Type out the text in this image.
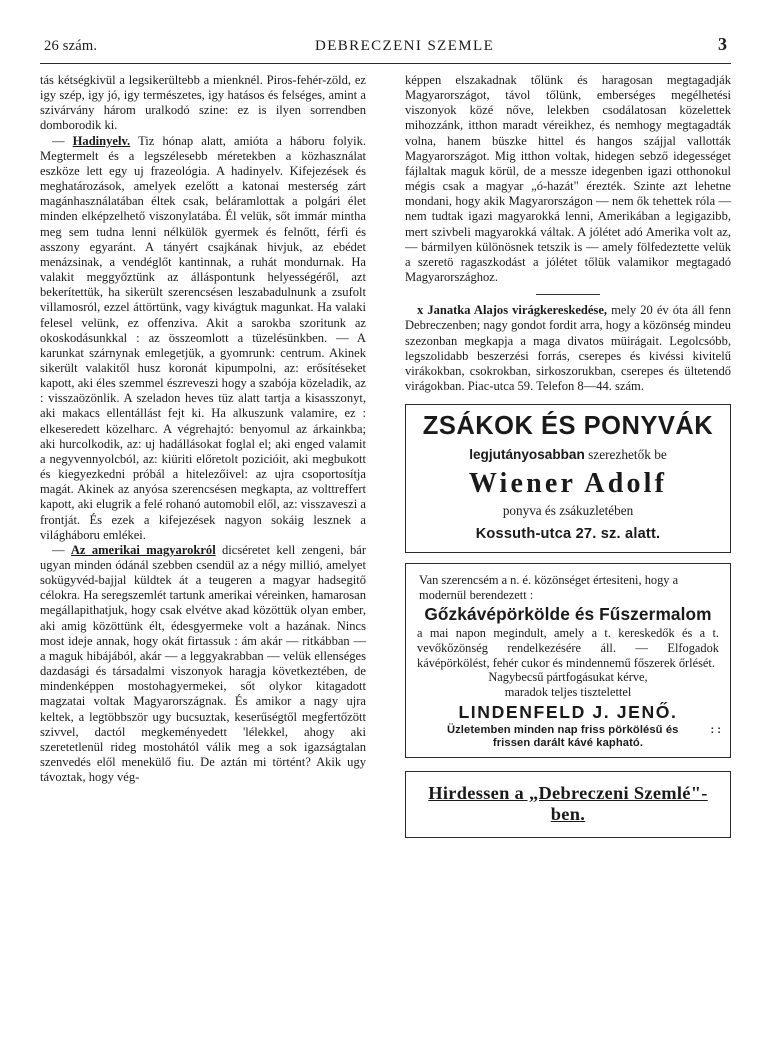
26 szám.	DEBRECZENI SZEMLE	3

tás kétségkivül a legsikerültebb a mienknél. Piros-fehér-zöld, ez igy szép, igy jó, igy természetes, igy hatásos és felséges, amint a szivárvány három uralkodó szine: ez is ilyen sorrendben domborodik ki.

— Hadinyelv. Tiz hónap alatt, amióta a háboru folyik. Megtermelt és a legszélesebb méretekben a közhasználat eszköze lett egy uj frazeológia. A hadinyelv. Kifejezések és meghatározások, amelyek ezelőtt a katonai mesterség zárt magánhasználatában éltek csak, beláramlottak a polgári élet minden elképzelhető viszonylatába. Él velük, sőt immár mintha meg sem tudna lenni nélkülök gyermek és felnőtt, férfi és asszony egyaránt. A tányért csajkának hivjuk, az ebédet menázsinak, a vendéglőt kantinnak, a ruhát mondurnak. Ha valakit meggyőztünk az álláspontunk helyességéről, azt bekerítettük, ha sikerült szerencsésen leszabadulnunk a zsufolt villamosról, ezzel áttörtünk, vagy kivágtuk magunkat. Ha valaki felesel velünk, ez offenziva. Akit a sarokba szoritunk az okoskodásunkkal : az összeomlott a tüzelésünkben. — A karunkat szárnynak emlegetjük, a gyomrunk: centrum. Akinek sikerült valakitől husz koronát kipumpolni, az: erősítéseket kapott, aki éles szemmel észreveszi hogy a szabója közeladik, az : visszaözönlik. A szeladon heves tüz alatt tartja a kisasszonyt, aki makacs ellentállást fejt ki. Ha alkuszunk valamire, ez : elkeseredett közelharc. A végrehajtó: benyomul az árkainkba; aki hurcolkodik, az: uj hadállásokat foglal el; aki enged valamit a negyvennyolcból, az: kiüriti előretolt pozicióit, aki megbukott és kiegyezkedni próbál a hitelezőivel: az ujra csoportosítja magát. Akinek az anyósa szerencsésen megkapta, az volttreffert kapott, aki elugrik a felé rohanó automobil elől, az: visszaveszi a frontját. És ezek a kifejezések nagyon sokáig lesznek a világháboru emlékei.

— Az amerikai magyarokról dicséretet kell zengeni, bár ugyan minden ódánál szebben csendül az a négy millió, amelyet sokügyvéd-bajjal küldtek át a teugeren a magyar hadsegitő célokra. Ha seregszemlét tartunk amerikai véreinken, hamarosan megállapithatjuk, hogy csak elvétve akad közöttük olyan ember, aki amig közöttünk élt, édesgyermeke volt a hazának. Nincs most ideje annak, hogy okát firtassuk : ám akár — ritkábban — a maguk hibájából, akár — a leggyakrabban — velük ellenséges dazdasági és társadalmi viszonyok haragja következtében, de mindenképpen mostohagyermekei, sőt olykor kitagadott magzatai voltak Magyarországnak. És amikor a nagy ujra keltek, a legtöbbször ugy bucsuztak, keserűségtől megfertőzött szivvel, dactól megkeményedett 'lélekkel, ahogy aki szeretetlenül rideg mostohától válik meg a sok igazságtalan szenvedés elől menekülő fiu. De aztán mi történt? Akik ugy távoztak, hogy vég-

képpen elszakadnak tőlünk és haragosan megtagadják Magyarországot, távol tőlünk, emberséges megélhetési viszonyok közé nőve, lelekben csodálatosan közelettek mihozzánk, itthon maradt véreikhez, és nemhogy megtagadták volna, hanem büszke hittel és hangos szájjal vallották Magyarországot. Mig itthon voltak, hidegen sebző idegességet fájlaltak maguk körül, de a messze idegenben igazi otthonokul mégis csak a magyar „ó-hazát" érezték. Szinte azt lehetne mondani, hogy akik Magyarországon — nem ők tehettek róla — nem tudtak igazi magyarokká lenni, Amerikában a legigazibb, mert szivbeli magyarokká váltak. A jólétet adó Amerika volt az, — bármilyen különösnek tetszik is — amely fölfedeztette velük a szeretö ragaszkodást a jólétet tőlük valamikor megtagadó Magyarországhoz.

x Janatka Alajos virágkereskedése, mely 20 év óta áll fenn Debreczenben; nagy gondot fordit arra, hogy a közönség mindeu szezonban megkapja a maga divatos müirágait. Legolcsóbb, legszolidabb beszerzési forrás, cserepes és kivéssi kivitelű virákokban, csokrokban, sirkoszorukban, cserepes és ültetendő virágokban. Piac-utca 59. Telefon 8—44. szám.

ZSÁKOK ÉS PONYVÁK
legjutányosabban szerezhetők be
Wiener Adolf
ponyva és zsákuzletében
Kossuth-utca 27. sz. alatt.
Van szerencsém a n. é. közönséget értesiteni, hogy a modernül berendezett :
Gőzkávépörkölde és Fűszermalom
a mai napon megindult, amely a t. kereskedők és a t. vevőkőzönség rendelkezésére áll. — Elfogadok kávépörkölést, fehér cukor és mindennemű főszerek őrlését.
Nagybecsű pártfogásukat kérve,
maradok teljes tisztelettel
LINDENFELD J. JENŐ.
: :
Üzletemben minden nap friss pörkölésű és
frissen darált kávé kapható.
Hirdessen a „Debreczeni Szemlé"-ben.
